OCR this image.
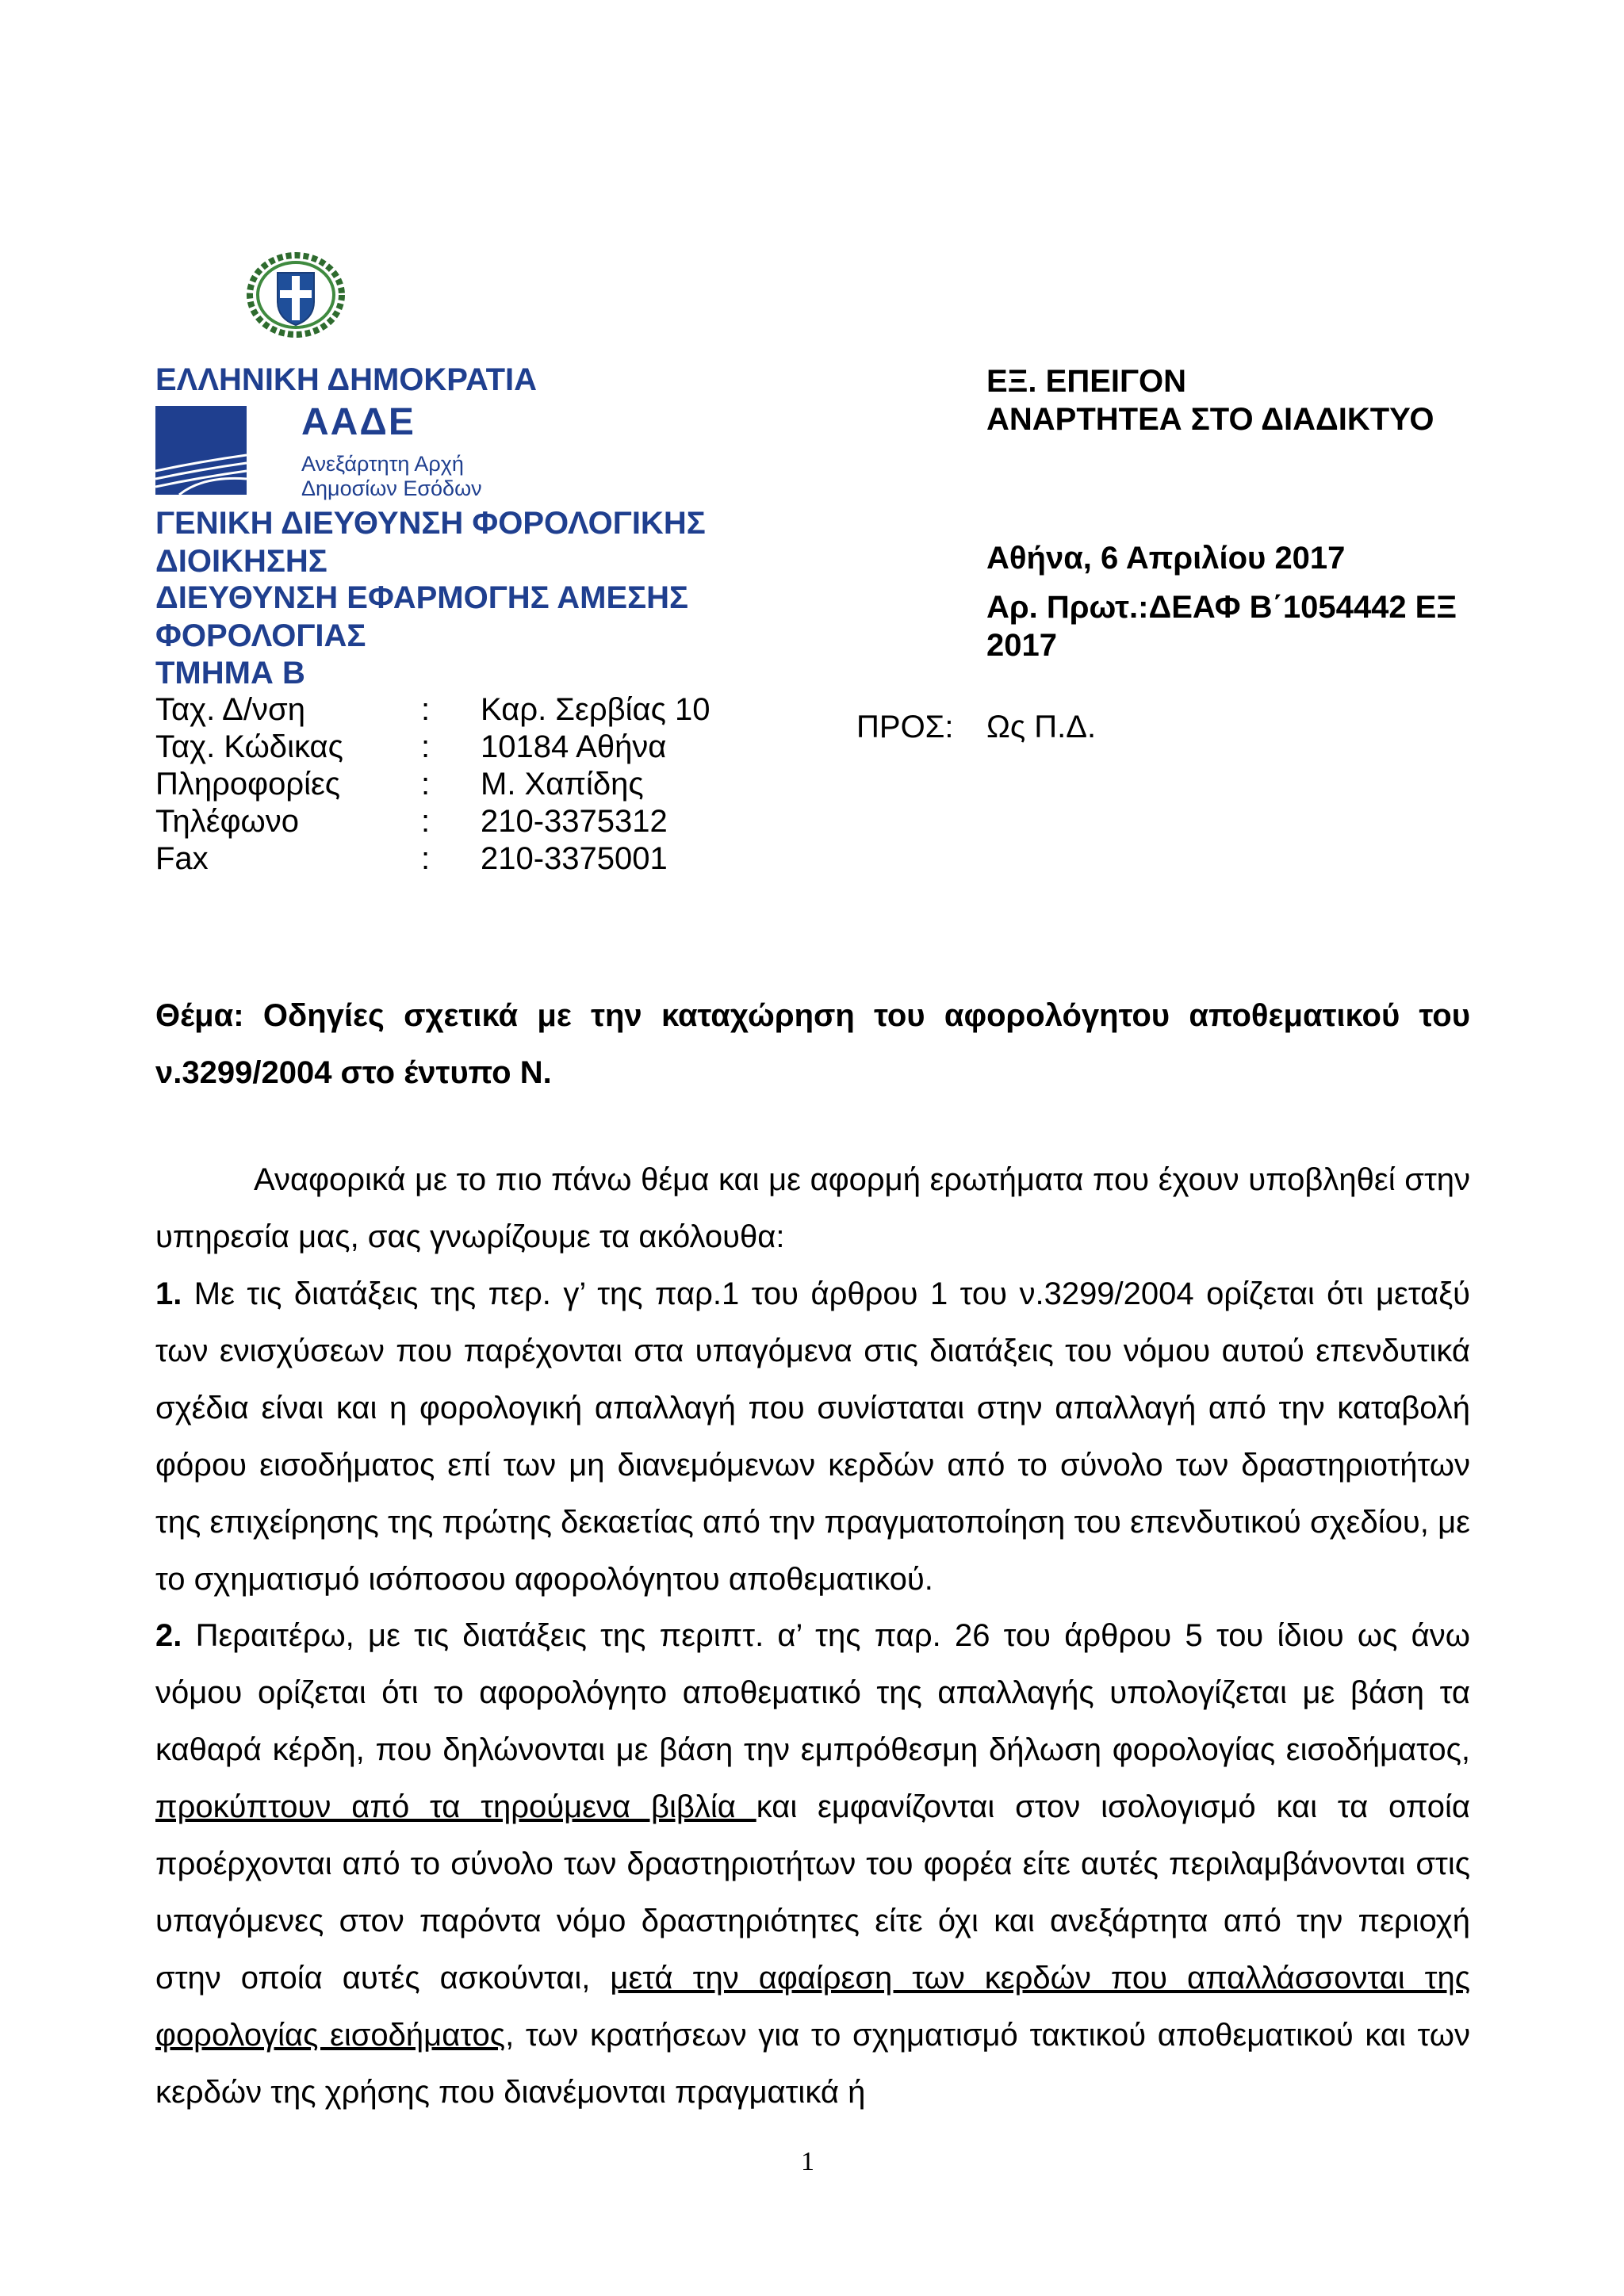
ΕΛΛΗΝΙΚΗ ΔΗΜΟΚΡΑΤΙΑ
ΑΑΔΕ
Ανεξάρτητη Αρχή
Δημοσίων Εσόδων
ΓΕΝΙΚΗ ΔΙΕΥΘΥΝΣΗ ΦΟΡΟΛΟΓΙΚΗΣ ΔΙΟΙΚΗΣΗΣ
ΔΙΕΥΘΥΝΣΗ ΕΦΑΡΜΟΓΗΣ ΑΜΕΣΗΣ ΦΟΡΟΛΟΓΙΑΣ
ΤΜΗΜΑ Β
Ταχ. Δ/νση	: Καρ. Σερβίας 10
Ταχ. Κώδικας : 10184 Αθήνα
Πληροφορίες	: Μ. Χαπίδης
Τηλέφωνο	: 210-3375312
Fax	: 210-3375001
ΕΞ. ΕΠΕΙΓΟΝ
ΑΝΑΡΤΗΤΕΑ ΣΤΟ ΔΙΑΔΙΚΤΥΟ
Αθήνα, 6 Απριλίου 2017
Αρ. Πρωτ.:ΔΕΑΦ Β΄1054442 ΕΞ 2017
ΠΡΟΣ: Ως Π.Δ.
Θέμα: Οδηγίες σχετικά με την καταχώρηση του αφορολόγητου αποθεματικού του ν.3299/2004 στο έντυπο Ν.
Αναφορικά με το πιο πάνω θέμα και με αφορμή ερωτήματα που έχουν υποβληθεί στην υπηρεσία μας, σας γνωρίζουμε τα ακόλουθα:
1. Με τις διατάξεις της περ. γ’ της παρ.1 του άρθρου 1 του ν.3299/2004 ορίζεται ότι μεταξύ των ενισχύσεων που παρέχονται στα υπαγόμενα στις διατάξεις του νόμου αυτού επενδυτικά σχέδια είναι και η φορολογική απαλλαγή που συνίσταται στην απαλλαγή από την καταβολή φόρου εισοδήματος επί των μη διανεμόμενων κερδών από το σύνολο των δραστηριοτήτων της επιχείρησης της πρώτης δεκαετίας από την πραγματοποίηση του επενδυτικού σχεδίου, με το σχηματισμό ισόποσου αφορολόγητου αποθεματικού.
2. Περαιτέρω, με τις διατάξεις της περιπτ. α’ της παρ. 26 του άρθρου 5 του ίδιου ως άνω νόμου ορίζεται ότι το αφορολόγητο αποθεματικό της απαλλαγής υπολογίζεται με βάση τα καθαρά κέρδη, που δηλώνονται με βάση την εμπρόθεσμη δήλωση φορολογίας εισοδήματος, προκύπτουν από τα τηρούμενα βιβλία και εμφανίζονται στον ισολογισμό και τα οποία προέρχονται από το σύνολο των δραστηριοτήτων του φορέα είτε αυτές περιλαμβάνονται στις υπαγόμενες στον παρόντα νόμο δραστηριότητες είτε όχι και ανεξάρτητα από την περιοχή στην οποία αυτές ασκούνται, μετά την αφαίρεση των κερδών που απαλλάσσονται της φορολογίας εισοδήματος, των κρατήσεων για το σχηματισμό τακτικού αποθεματικού και των κερδών της χρήσης που διανέμονται πραγματικά ή
1
